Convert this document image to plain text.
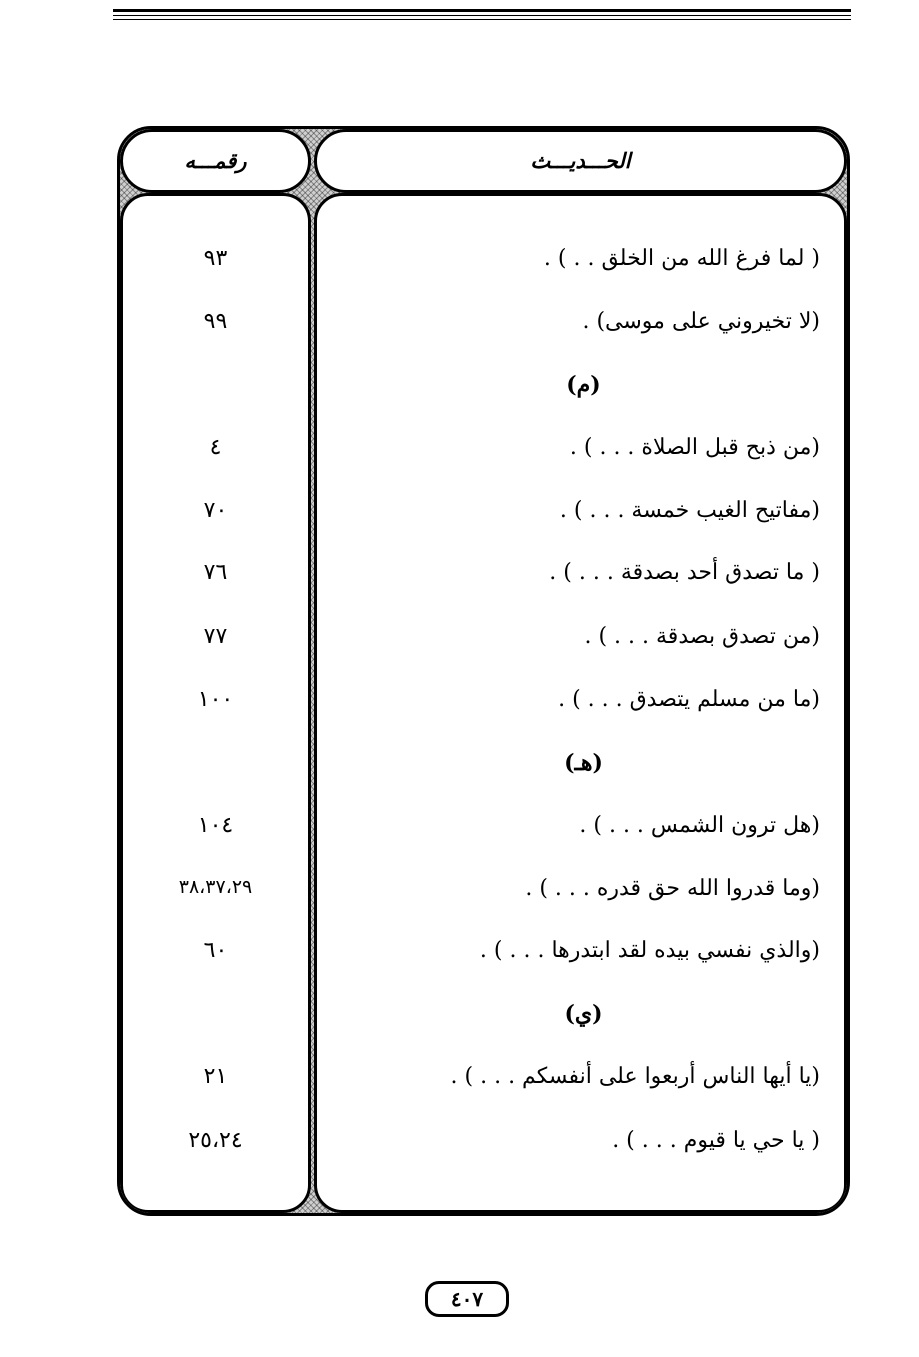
رقمـــه	الحـــديـــث
٩٣
٩٩
٤
٧٠
٧٦
٧٧
١٠٠
١٠٤
٣٨،٣٧،٢٩
٦٠
٢١
٢٥،٢٤
( لما فرغ الله من الخلق . . ) .
(لا تخيروني على موسى) .
(م)
(من ذبح قبل الصلاة . . . ) .
(مفاتيح الغيب خمسة . . . ) .
( ما تصدق أحد بصدقة . . . ) .
(من تصدق بصدقة . . . ) .
(ما من مسلم يتصدق . . . ) .
(هـ)
(هل ترون الشمس . . . ) .
(وما قدروا الله حق قدره . . . ) .
(والذي نفسي بيده لقد ابتدرها . . . ) .
(ي)
(يا أيها الناس أربعوا على أنفسكم . . . ) .
( يا حي يا قيوم . . . ) .
٤٠٧
